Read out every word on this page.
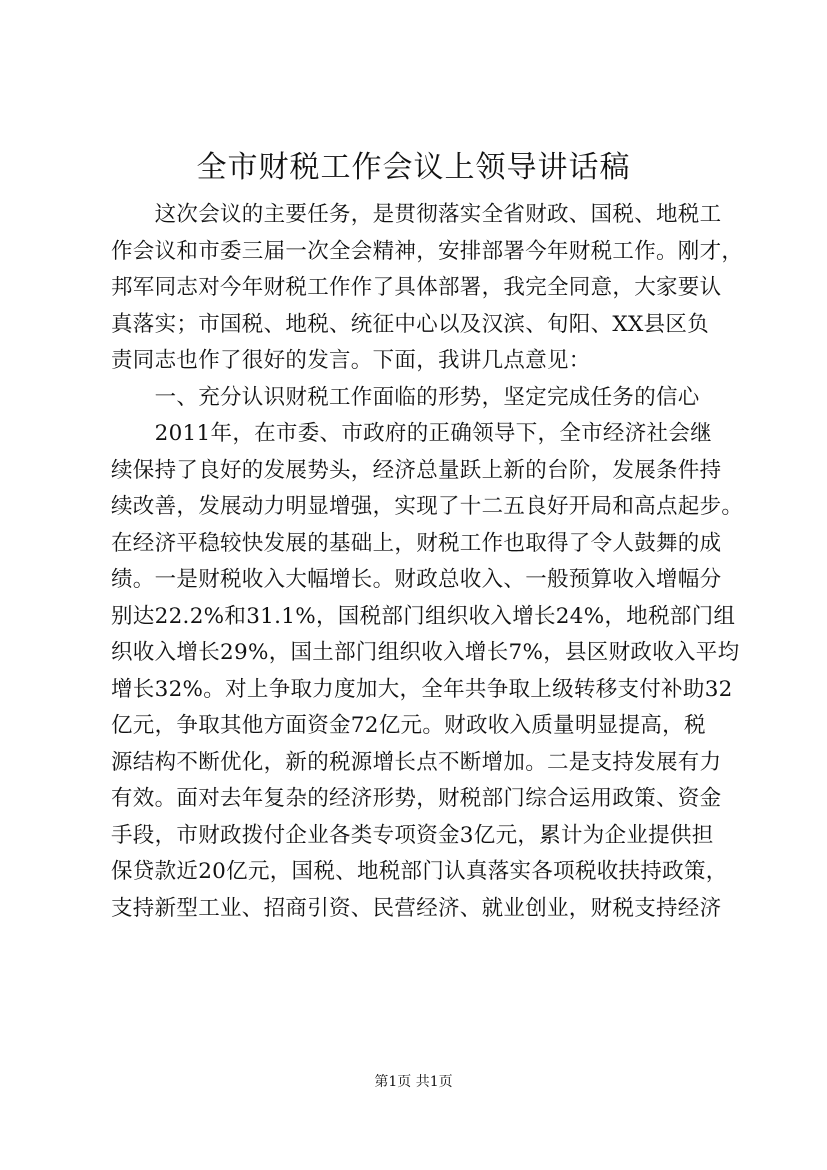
全市财税工作会议上领导讲话稿
　　这次会议的主要任务，是贯彻落实全省财政、国税、地税工
作会议和市委三届一次全会精神，安排部署今年财税工作。刚才，
邦军同志对今年财税工作作了具体部署，我完全同意，大家要认
真落实；市国税、地税、统征中心以及汉滨、旬阳、XX县区负
责同志也作了很好的发言。下面，我讲几点意见：
　　一、充分认识财税工作面临的形势，坚定完成任务的信心
　　2011年，在市委、市政府的正确领导下，全市经济社会继
续保持了良好的发展势头，经济总量跃上新的台阶，发展条件持
续改善，发展动力明显增强，实现了十二五良好开局和高点起步。
在经济平稳较快发展的基础上，财税工作也取得了令人鼓舞的成
绩。一是财税收入大幅增长。财政总收入、一般预算收入增幅分
别达22.2%和31.1%，国税部门组织收入增长24%，地税部门组
织收入增长29%，国土部门组织收入增长7%，县区财政收入平均
增长32%。对上争取力度加大，全年共争取上级转移支付补助32
亿元，争取其他方面资金72亿元。财政收入质量明显提高，税
源结构不断优化，新的税源增长点不断增加。二是支持发展有力
有效。面对去年复杂的经济形势，财税部门综合运用政策、资金
手段，市财政拨付企业各类专项资金3亿元，累计为企业提供担
保贷款近20亿元，国税、地税部门认真落实各项税收扶持政策，
支持新型工业、招商引资、民营经济、就业创业，财税支持经济
第1页 共1页
